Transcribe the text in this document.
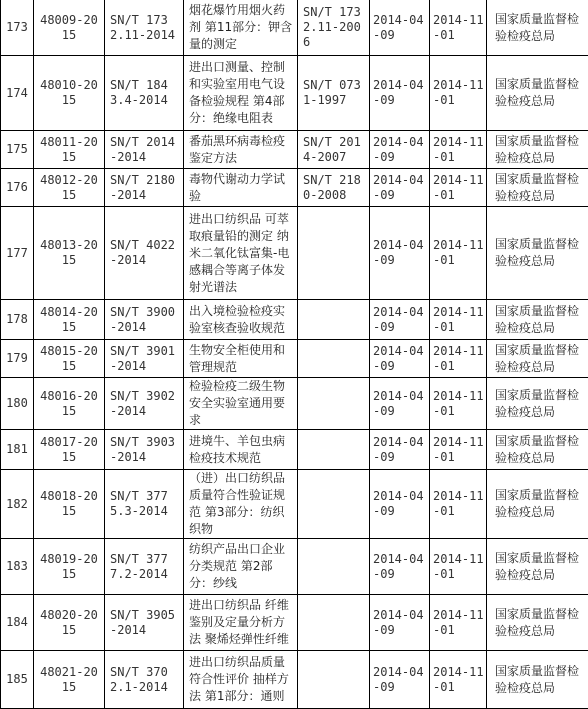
173	48009-2015	SN/T 1732.11-2014	烟花爆竹用烟火药剂 第11部分：钾含量的测定	SN/T 1732.11-2006	2014-04-09	2014-11-01	国家质量监督检验检疫总局
174	48010-2015	SN/T 1843.4-2014	进出口测量、控制和实验室用电气设备检验规程 第4部分：绝缘电阻表	SN/T 0731-1997	2014-04-09	2014-11-01	国家质量监督检验检疫总局
175	48011-2015	SN/T 2014-2014	番茄黑环病毒检疫鉴定方法	SN/T 2014-2007	2014-04-09	2014-11-01	国家质量监督检验检疫总局
176	48012-2015	SN/T 2180-2014	毒物代谢动力学试验	SN/T 2180-2008	2014-04-09	2014-11-01	国家质量监督检验检疫总局
177	48013-2015	SN/T 4022-2014	进出口纺织品 可萃取痕量铅的测定 纳米二氧化钛富集-电感耦合等离子体发射光谱法		2014-04-09	2014-11-01	国家质量监督检验检疫总局
178	48014-2015	SN/T 3900-2014	出入境检验检疫实验室核查验收规范		2014-04-09	2014-11-01	国家质量监督检验检疫总局
179	48015-2015	SN/T 3901-2014	生物安全柜使用和管理规范		2014-04-09	2014-11-01	国家质量监督检验检疫总局
180	48016-2015	SN/T 3902-2014	检验检疫二级生物安全实验室通用要求		2014-04-09	2014-11-01	国家质量监督检验检疫总局
181	48017-2015	SN/T 3903-2014	进境牛、羊包虫病检疫技术规范		2014-04-09	2014-11-01	国家质量监督检验检疫总局
182	48018-2015	SN/T 3775.3-2014	（进）出口纺织品质量符合性验证规范 第3部分：纺织织物		2014-04-09	2014-11-01	国家质量监督检验检疫总局
183	48019-2015	SN/T 3777.2-2014	纺织产品出口企业分类规范 第2部分：纱线		2014-04-09	2014-11-01	国家质量监督检验检疫总局
184	48020-2015	SN/T 3905-2014	进出口纺织品 纤维鉴别及定量分析方法 聚烯烃弹性纤维		2014-04-09	2014-11-01	国家质量监督检验检疫总局
185	48021-2015	SN/T 3702.1-2014	进出口纺织品质量符合性评价 抽样方法 第1部分：通则		2014-04-09	2014-11-01	国家质量监督检验检疫总局
